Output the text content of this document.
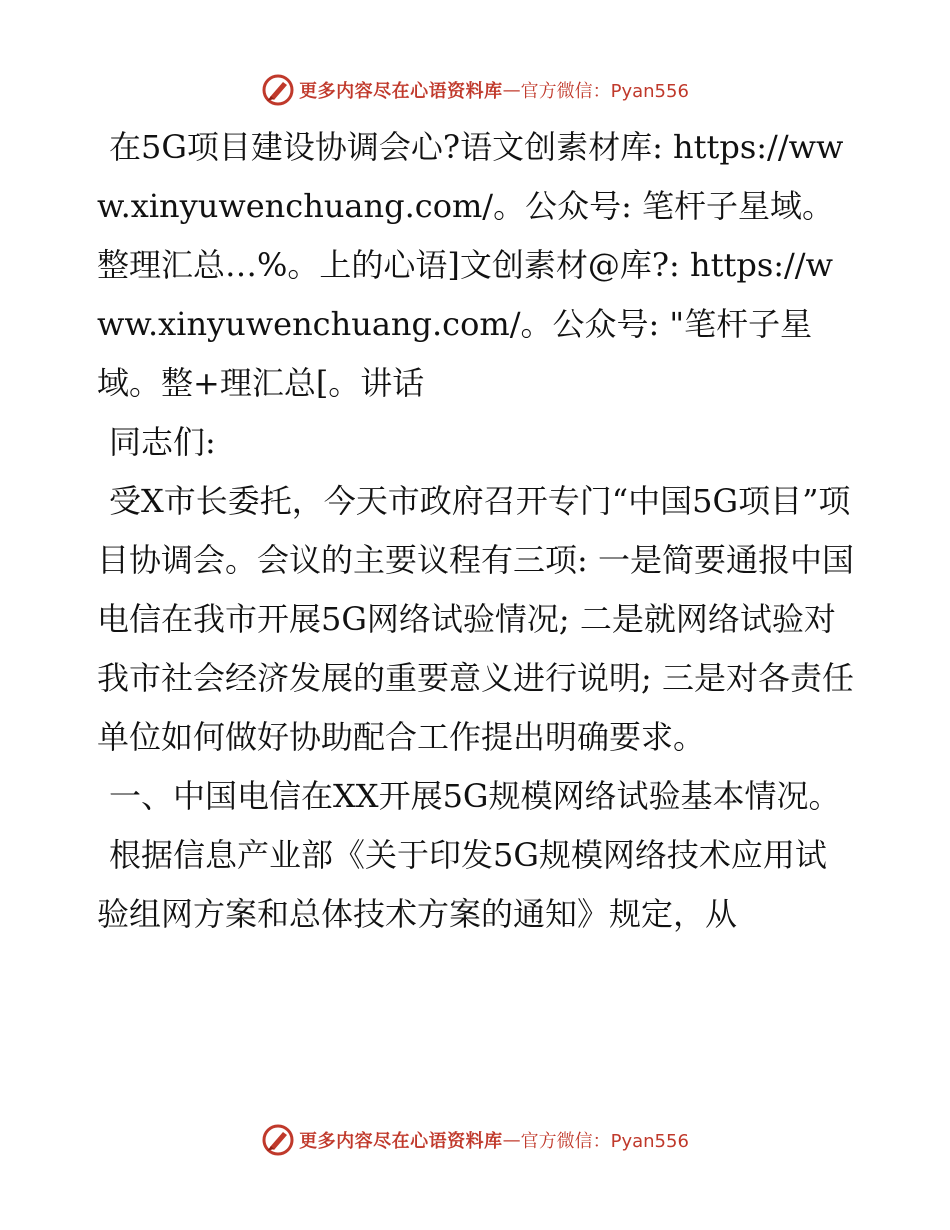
更多内容尽在心语资料库 — 官方微信：Pyan556

在5G项目建设协调会心?语文创素材库: https://www.xinyuwenchuang.com/。公众号: 笔杆子星域。整理汇总…%。上的心语]文创素材@库?: https://www.xinyuwenchuang.com/。公众号: "笔杆子星域。整+理汇总[。讲话

同志们:

受X市长委托，今天市政府召开专门“中国5G项目”项目协调会。会议的主要议程有三项: 一是简要通报中国电信在我市开展5G网络试验情况; 二是就网络试验对我市社会经济发展的重要意义进行说明; 三是对各责任单位如何做好协助配合工作提出明确要求。

一、中国电信在XX开展5G规模网络试验基本情况。

根据信息产业部《关于印发5G规模网络技术应用试验组网方案和总体技术方案的通知》规定，从

更多内容尽在心语资料库 — 官方微信：Pyan556
